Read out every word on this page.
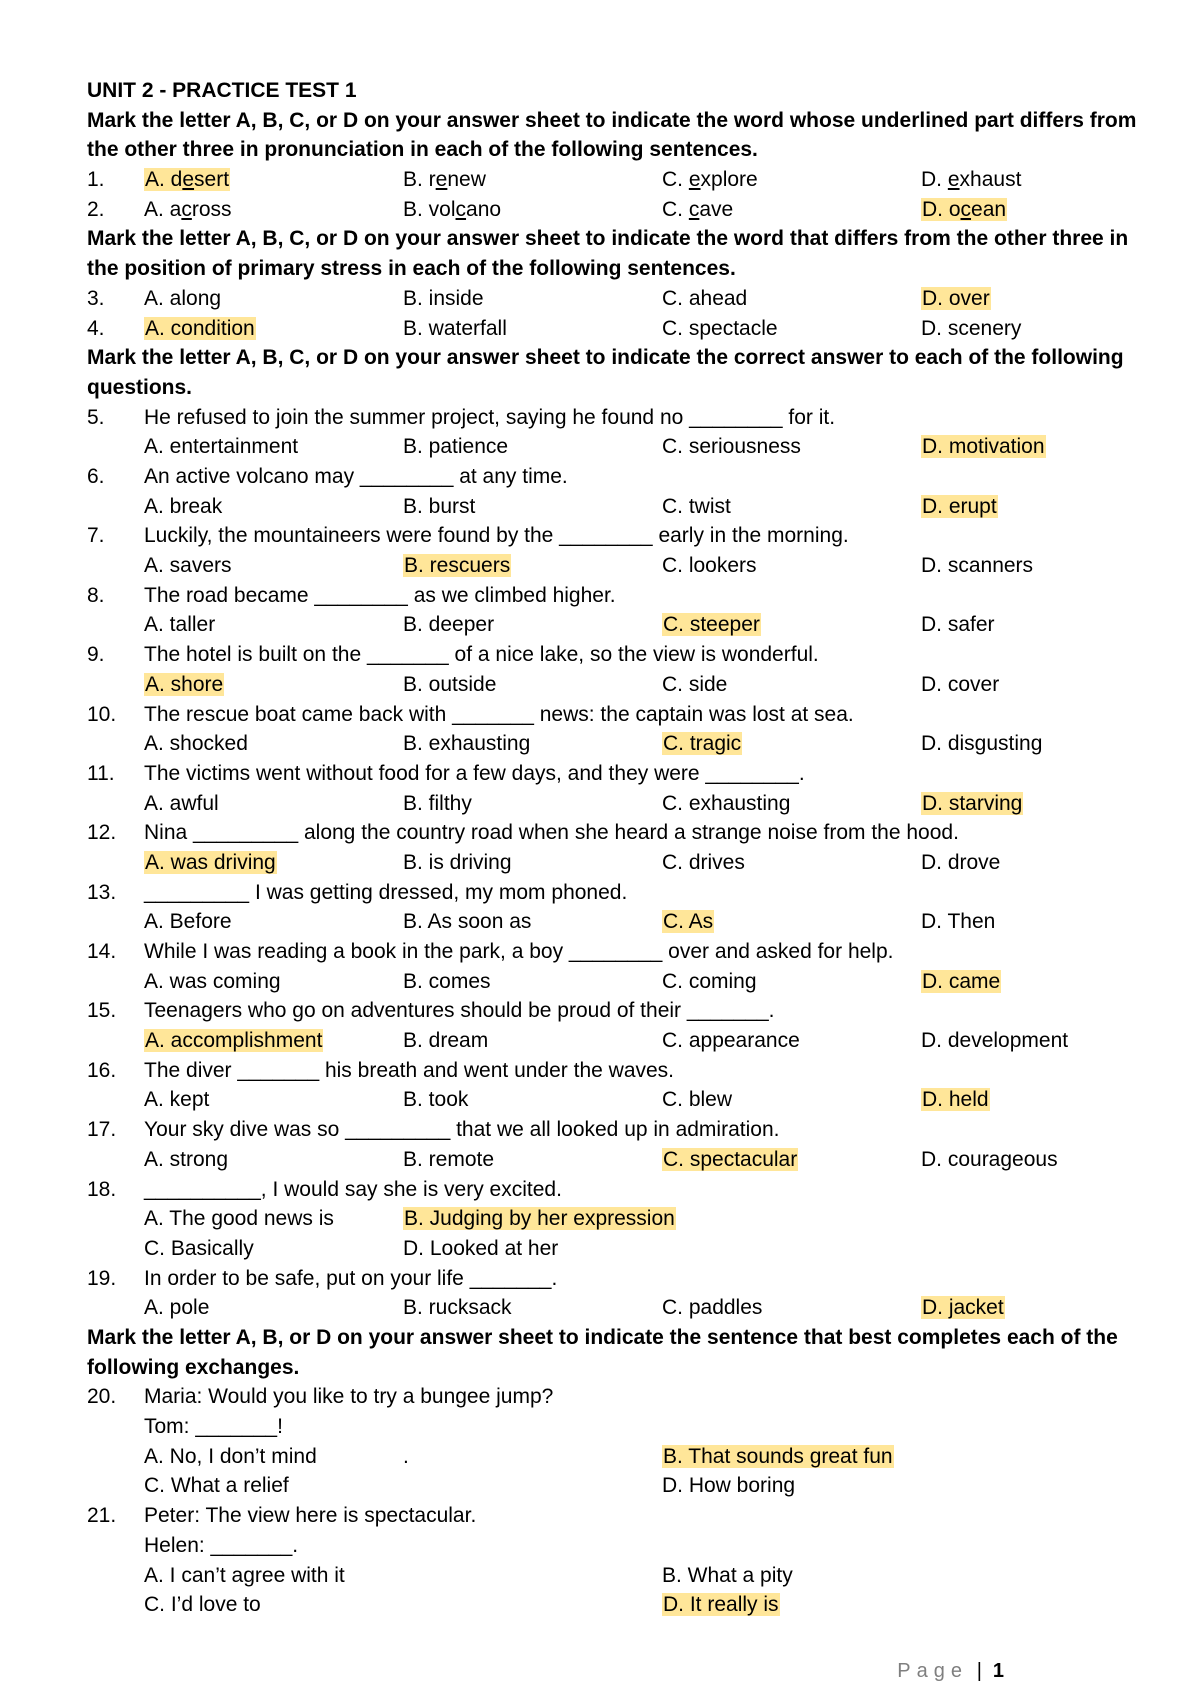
UNIT 2 - PRACTICE TEST 1
Mark the letter A, B, C, or D on your answer sheet to indicate the word whose underlined part differs from the other three in pronunciation in each of the following sentences.
1.	A. desert	B. renew	C. explore	D. exhaust
2.	A. across	B. volcano	C. cave	D. ocean
Mark the letter A, B, C, or D on your answer sheet to indicate the word that differs from the other three in the position of primary stress in each of the following sentences.
3.	A. along	B. inside	C. ahead	D. over
4.	A. condition	B. waterfall	C. spectacle	D. scenery
Mark the letter A, B, C, or D on your answer sheet to indicate the correct answer to each of the following questions.
5.	He refused to join the summer project, saying he found no ________ for it.
A. entertainment	B. patience	C. seriousness	D. motivation
6.	An active volcano may ________ at any time.
A. break	B. burst	C. twist	D. erupt
7.	Luckily, the mountaineers were found by the ________ early in the morning.
A. savers	B. rescuers	C. lookers	D. scanners
8.	The road became ________ as we climbed higher.
A. taller	B. deeper	C. steeper	D. safer
9.	The hotel is built on the _______ of a nice lake, so the view is wonderful.
A. shore	B. outside	C. side	D. cover
10.	The rescue boat came back with _______ news: the captain was lost at sea.
A. shocked	B. exhausting	C. tragic	D. disgusting
11.	The victims went without food for a few days, and they were ________.
A. awful	B. filthy	C. exhausting	D. starving
12.	Nina _________ along the country road when she heard a strange noise from the hood.
A. was driving	B. is driving	C. drives	D. drove
13.	_________ I was getting dressed, my mom phoned.
A. Before	B. As soon as	C. As	D. Then
14.	While I was reading a book in the park, a boy ________ over and asked for help.
A. was coming	B. comes	C. coming	D. came
15.	Teenagers who go on adventures should be proud of their _______.
A. accomplishment	B. dream	C. appearance	D. development
16.	The diver _______ his breath and went under the waves.
A. kept	B. took	C. blew	D. held
17.	Your sky dive was so _________ that we all looked up in admiration.
A. strong	B. remote	C. spectacular	D. courageous
18.	__________, I would say she is very excited.
A. The good news is	B. Judging by her expression
C. Basically	D. Looked at her
19.	In order to be safe, put on your life _______.
A. pole	B. rucksack	C. paddles	D. jacket
Mark the letter A, B, or D on your answer sheet to indicate the sentence that best completes each of the following exchanges.
20.	Maria: Would you like to try a bungee jump?
Tom: _______!
A. No, I don’t mind	.	B. That sounds great fun
C. What a relief	D. How boring
21.	Peter: The view here is spectacular.
Helen: _______.
A. I can’t agree with it	B. What a pity
C. I’d love to	D. It really is
Page | 1
